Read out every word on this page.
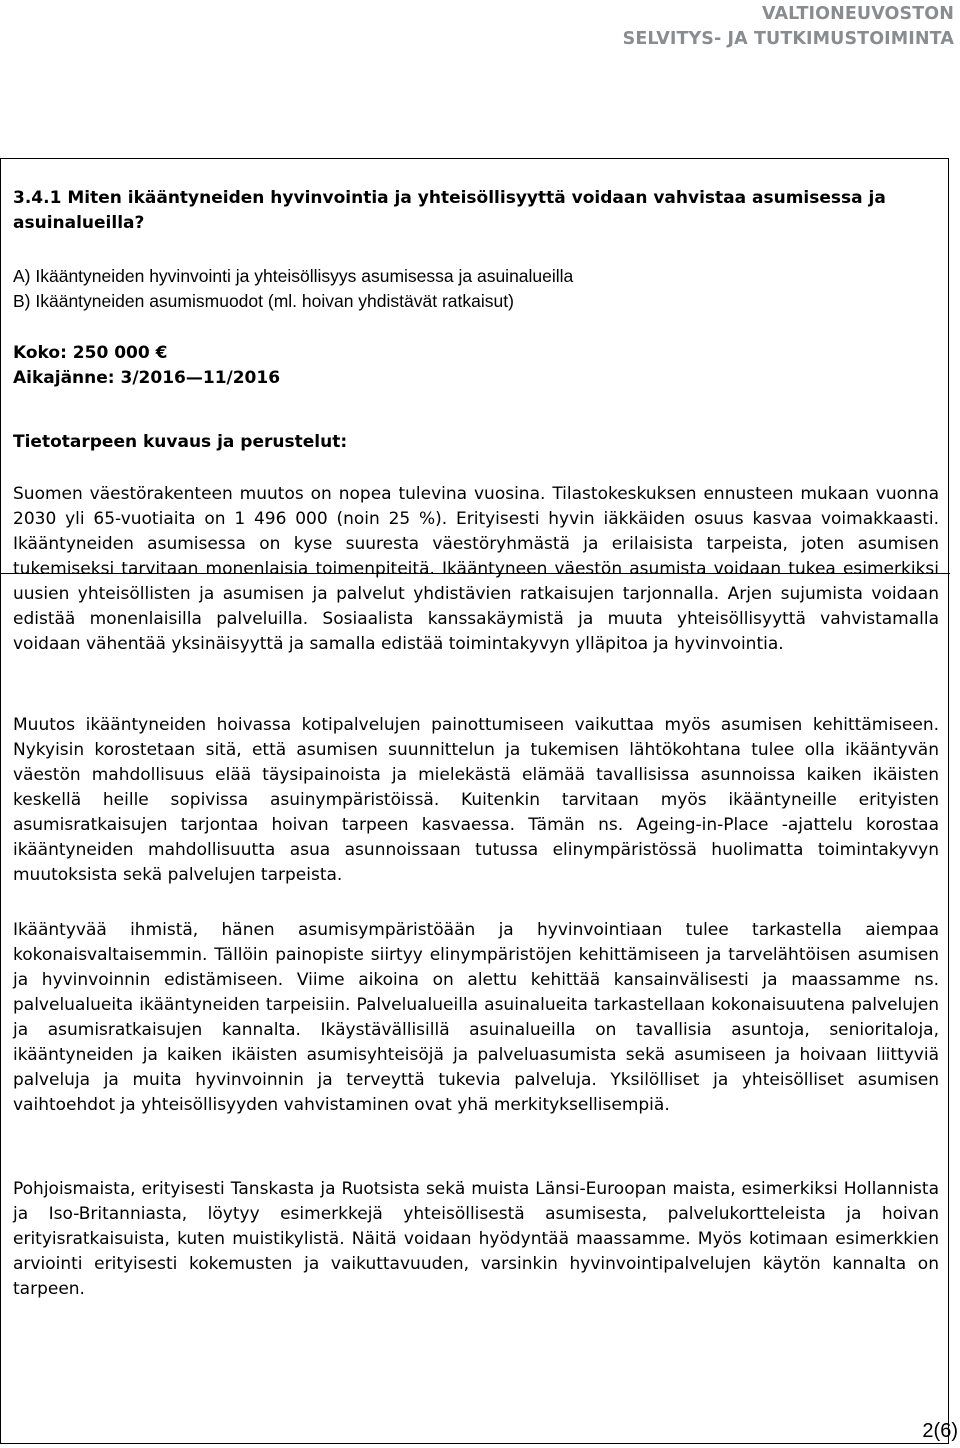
VALTIONEUVOSTON
SELVITYS- JA TUTKIMUSTOIMINTA

3.4.1 Miten ikääntyneiden hyvinvointia ja yhteisöllisyyttä voidaan vahvistaa asumisessa ja asuinalueilla?

A) Ikääntyneiden hyvinvointi ja yhteisöllisyys asumisessa ja asuinalueilla

B) Ikääntyneiden asumismuodot (ml. hoivan yhdistävät ratkaisut)

Koko: 250 000 €

Aikajänne: 3/2016—11/2016

Tietotarpeen kuvaus ja perustelut:

Suomen väestörakenteen muutos on nopea tulevina vuosina. Tilastokeskuksen ennusteen mukaan vuonna 2030 yli 65-vuotiaita on 1 496 000 (noin 25 %). Erityisesti hyvin iäkkäiden osuus kasvaa voimakkaasti. Ikääntyneiden asumisessa on kyse suuresta väestöryhmästä ja erilaisista tarpeista, joten asumisen tukemiseksi tarvitaan monenlaisia toimenpiteitä. Ikääntyneen väestön asumista voidaan tukea esimerkiksi uusien yhteisöllisten ja asumisen ja palvelut yhdistävien ratkaisujen tarjonnalla. Arjen sujumista voidaan edistää monenlaisilla palveluilla. Sosiaalista kanssakäymistä ja muuta yhteisöllisyyttä vahvistamalla voidaan vähentää yksinäisyyttä ja samalla edistää toimintakyvyn ylläpitoa ja hyvinvointia.

Muutos ikääntyneiden hoivassa kotipalvelujen painottumiseen vaikuttaa myös asumisen kehittämiseen. Nykyisin korostetaan sitä, että asumisen suunnittelun ja tukemisen lähtökohtana tulee olla ikääntyvän väestön mahdollisuus elää täysipainoista ja mielekästä elämää tavallisissa asunnoissa kaiken ikäisten keskellä heille sopivissa asuinympäristöissä. Kuitenkin tarvitaan myös ikääntyneille erityisten asumisratkaisujen tarjontaa hoivan tarpeen kasvaessa. Tämän ns. Ageing-in-Place -ajattelu korostaa ikääntyneiden mahdollisuutta asua asunnoissaan tutussa elinympäristössä huolimatta toimintakyvyn muutoksista sekä palvelujen tarpeista.

Ikääntyvää ihmistä, hänen asumisympäristöään ja hyvinvointiaan tulee tarkastella aiempaa kokonaisvaltaisemmin. Tällöin painopiste siirtyy elinympäristöjen kehittämiseen ja tarvelähtöisen asumisen ja hyvinvoinnin edistämiseen. Viime aikoina on alettu kehittää kansainvälisesti ja maassamme ns. palvelualueita ikääntyneiden tarpeisiin. Palvelualueilla asuinalueita tarkastellaan kokonaisuutena palvelujen ja asumisratkaisujen kannalta. Ikäystävällisillä asuinalueilla on tavallisia asuntoja, senioritaloja, ikääntyneiden ja kaiken ikäisten asumisyhteisöjä ja palveluasumista sekä asumiseen ja hoivaan liittyviä palveluja ja muita hyvinvoinnin ja terveyttä tukevia palveluja. Yksilölliset ja yhteisölliset asumisen vaihtoehdot ja yhteisöllisyyden vahvistaminen ovat yhä merkityksellisempiä.

Pohjoismaista, erityisesti Tanskasta ja Ruotsista sekä muista Länsi-Euroopan maista, esimerkiksi Hollannista ja Iso-Britanniasta, löytyy esimerkkejä yhteisöllisestä asumisesta, palvelukortteleista ja hoivan erityisratkaisuista, kuten muistikylistä. Näitä voidaan hyödyntää maassamme. Myös kotimaan esimerkkien arviointi erityisesti kokemusten ja vaikuttavuuden, varsinkin hyvinvointipalvelujen käytön kannalta on tarpeen.

2(6)
